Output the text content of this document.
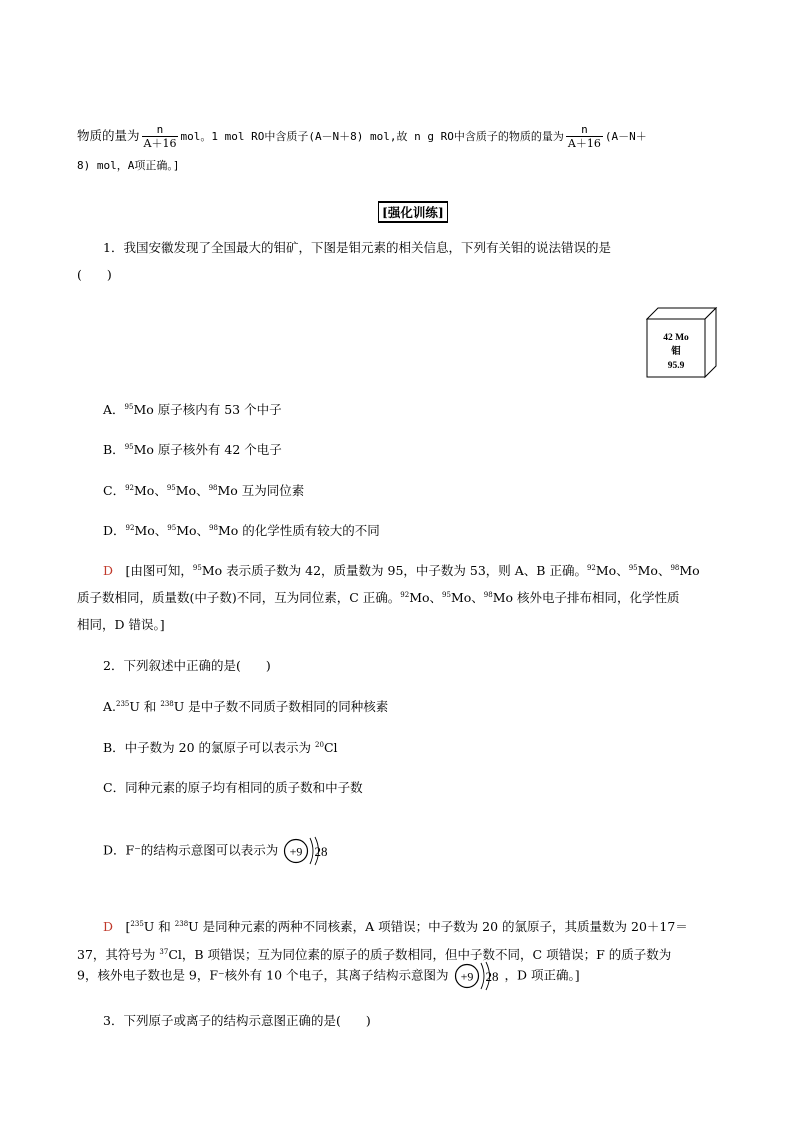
物质的量为 $\frac{n}{A+16}$ mol。1 mol RO中含质子(A－N＋8) mol,故 n g RO中含质子的物质的量为 $\frac{n}{A+16} (A-N+$
8) mol，A项正确。]
[强化训练]
1．我国安徽发现了全国最大的钼矿，下图是钼元素的相关信息，下列有关钼的说法错误的是
(　　)
42 Mo
钼
95.9
A．$^{95}$Mo 原子核内有 53 个中子
B．$^{95}$Mo 原子核外有 42 个电子
C．$^{92}$Mo、$^{95}$Mo、$^{98}$Mo 互为同位素
D．$^{92}$Mo、$^{95}$Mo、$^{98}$Mo 的化学性质有较大的不同
D  [由图可知，$^{95}$Mo 表示质子数为 42，质量数为 95，中子数为 53，则 A、B 正确。$^{92}$Mo、$^{95}$Mo、$^{98}$Mo
质子数相同，质量数(中子数)不同，互为同位素，C 正确。$^{92}$Mo、$^{95}$Mo、$^{98}$Mo 核外电子排布相同，化学性质
相同，D 错误。]
2．下列叙述中正确的是(　　)
A.$^{235}$U 和 $^{238}$U 是中子数不同质子数相同的同种核素
B．中子数为 20 的氯原子可以表示为 $^{20}$Cl
C．同种元素的原子均有相同的质子数和中子数
D．F⁻的结构示意图可以表示为 +9 28
D  [$^{235}$U 和 $^{238}$U 是同种元素的两种不同核素，A 项错误；中子数为 20 的氯原子，其质量数为 20＋17＝
37，其符号为 $^{37}$Cl，B 项错误；互为同位素的原子的质子数相同，但中子数不同，C 项错误；F 的质子数为
9，核外电子数也是 9，F⁻核外有 10 个电子，其离子结构示意图为 +9 28 ，D 项正确。]
3．下列原子或离子的结构示意图正确的是(　　)
